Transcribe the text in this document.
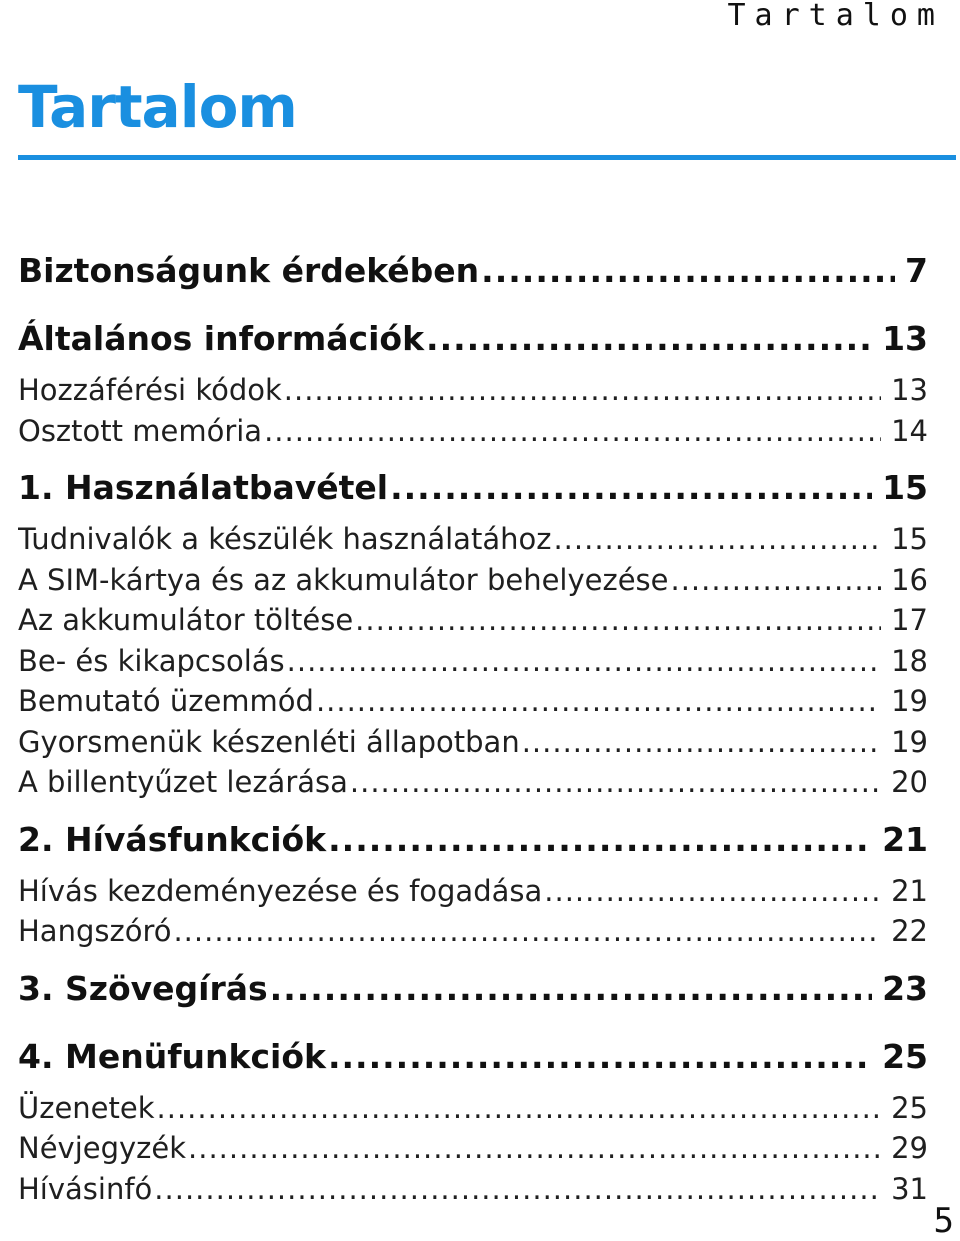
Tartalom
Tartalom
Biztonságunk érdekében .....	7
Általános információk .....	13
Hozzáférési kódok .....	13
Osztott memória .....	14
1. Használatbavétel .....	15
Tudnivalók a készülék használatához .....	15
A SIM-kártya és az akkumulátor behelyezése .....	16
Az akkumulátor töltése .....	17
Be- és kikapcsolás .....	18
Bemutató üzemmód .....	19
Gyorsmenük készenléti állapotban .....	19
A billentyűzet lezárása .....	20
2. Hívásfunkciók .....	21
Hívás kezdeményezése és fogadása .....	21
Hangszóró .....	22
3. Szövegírás .....	23
4. Menüfunkciók .....	25
Üzenetek .....	25
Névjegyzék .....	29
Hívásinfó .....	31
5
